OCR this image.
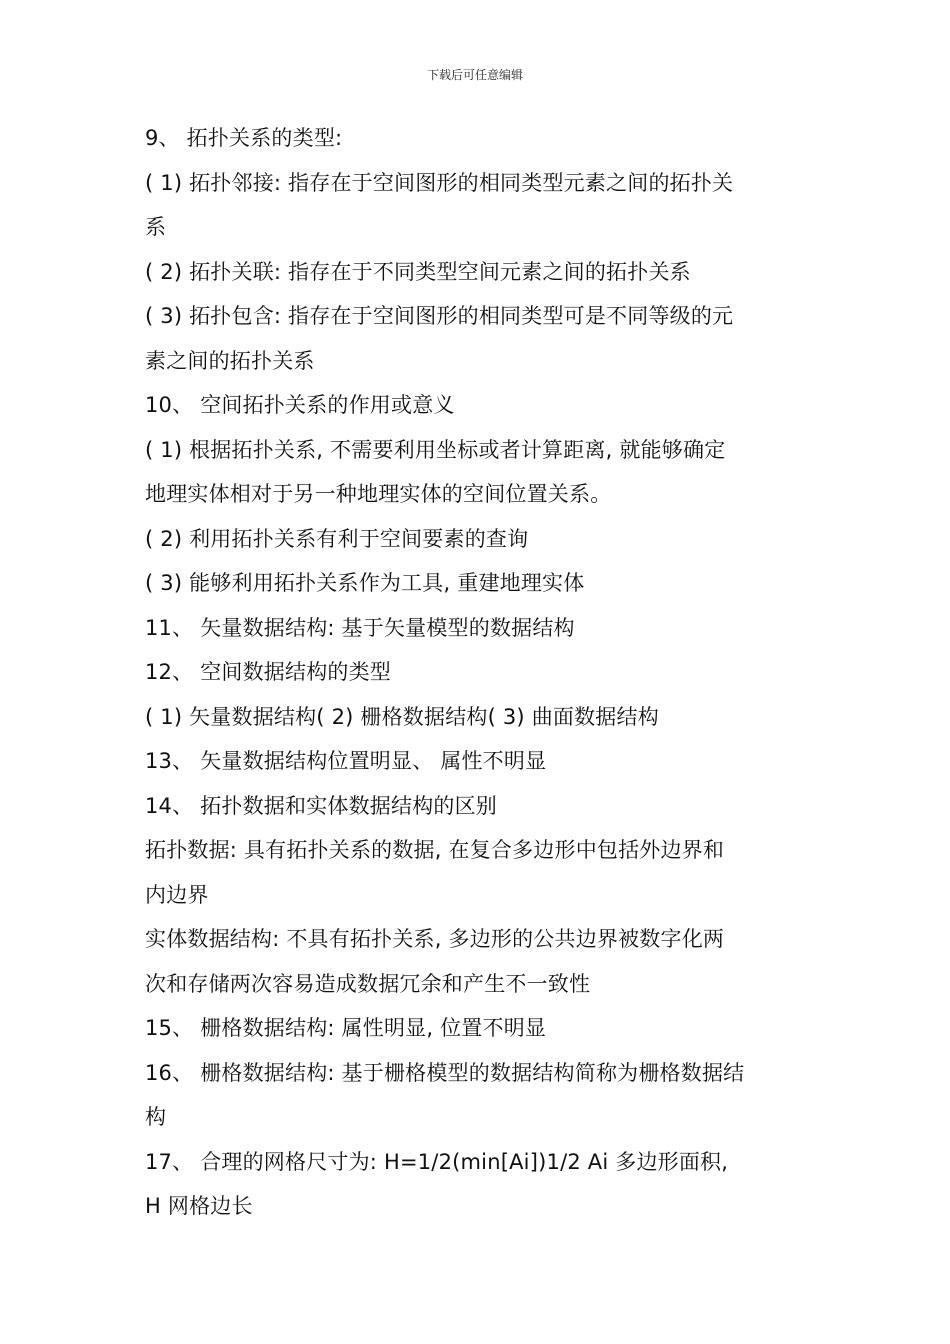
下载后可任意编辑
9、 拓扑关系的类型:
( 1) 拓扑邻接: 指存在于空间图形的相同类型元素之间的拓扑关
系
( 2) 拓扑关联: 指存在于不同类型空间元素之间的拓扑关系
( 3) 拓扑包含: 指存在于空间图形的相同类型可是不同等级的元
素之间的拓扑关系
10、 空间拓扑关系的作用或意义
( 1) 根据拓扑关系, 不需要利用坐标或者计算距离, 就能够确定
地理实体相对于另一种地理实体的空间位置关系。
( 2) 利用拓扑关系有利于空间要素的查询
( 3) 能够利用拓扑关系作为工具, 重建地理实体
11、 矢量数据结构: 基于矢量模型的数据结构
12、 空间数据结构的类型
( 1) 矢量数据结构( 2) 栅格数据结构( 3) 曲面数据结构
13、 矢量数据结构位置明显、 属性不明显
14、 拓扑数据和实体数据结构的区别
拓扑数据: 具有拓扑关系的数据, 在复合多边形中包括外边界和
内边界
实体数据结构: 不具有拓扑关系, 多边形的公共边界被数字化两
次和存储两次容易造成数据冗余和产生不一致性
15、 栅格数据结构: 属性明显, 位置不明显
16、 栅格数据结构: 基于栅格模型的数据结构简称为栅格数据结
构
17、 合理的网格尺寸为: H=1/2(min[Ai])1/2 Ai 多边形面积,
H 网格边长
